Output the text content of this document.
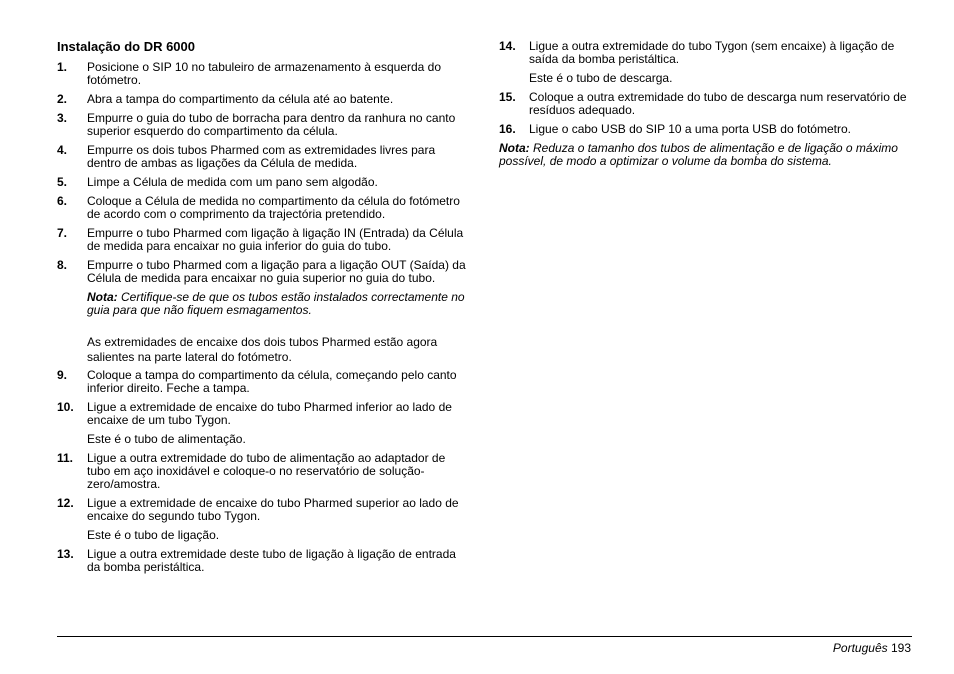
Instalação do DR 6000
1. Posicione o SIP 10 no tabuleiro de armazenamento à esquerda do fotómetro.
2. Abra a tampa do compartimento da célula até ao batente.
3. Empurre o guia do tubo de borracha para dentro da ranhura no canto superior esquerdo do compartimento da célula.
4. Empurre os dois tubos Pharmed com as extremidades livres para dentro de ambas as ligações da Célula de medida.
5. Limpe a Célula de medida com um pano sem algodão.
6. Coloque a Célula de medida no compartimento da célula do fotómetro de acordo com o comprimento da trajectória pretendido.
7. Empurre o tubo Pharmed com ligação à ligação IN (Entrada) da Célula de medida para encaixar no guia inferior do guia do tubo.
8. Empurre o tubo Pharmed com a ligação para a ligação OUT (Saída) da Célula de medida para encaixar no guia superior no guia do tubo.
Nota: Certifique-se de que os tubos estão instalados correctamente no guia para que não fiquem esmagamentos.
As extremidades de encaixe dos dois tubos Pharmed estão agora salientes na parte lateral do fotómetro.
9. Coloque a tampa do compartimento da célula, começando pelo canto inferior direito. Feche a tampa.
10. Ligue a extremidade de encaixe do tubo Pharmed inferior ao lado de encaixe de um tubo Tygon.
Este é o tubo de alimentação.
11. Ligue a outra extremidade do tubo de alimentação ao adaptador de tubo em aço inoxidável e coloque-o no reservatório de solução-zero/amostra.
12. Ligue a extremidade de encaixe do tubo Pharmed superior ao lado de encaixe do segundo tubo Tygon.
Este é o tubo de ligação.
13. Ligue a outra extremidade deste tubo de ligação à ligação de entrada da bomba peristáltica.
14. Ligue a outra extremidade do tubo Tygon (sem encaixe) à ligação de saída da bomba peristáltica.
Este é o tubo de descarga.
15. Coloque a outra extremidade do tubo de descarga num reservatório de resíduos adequado.
16. Ligue o cabo USB do SIP 10 a uma porta USB do fotómetro.
Nota: Reduza o tamanho dos tubos de alimentação e de ligação o máximo possível, de modo a optimizar o volume da bomba do sistema.
Português 193
